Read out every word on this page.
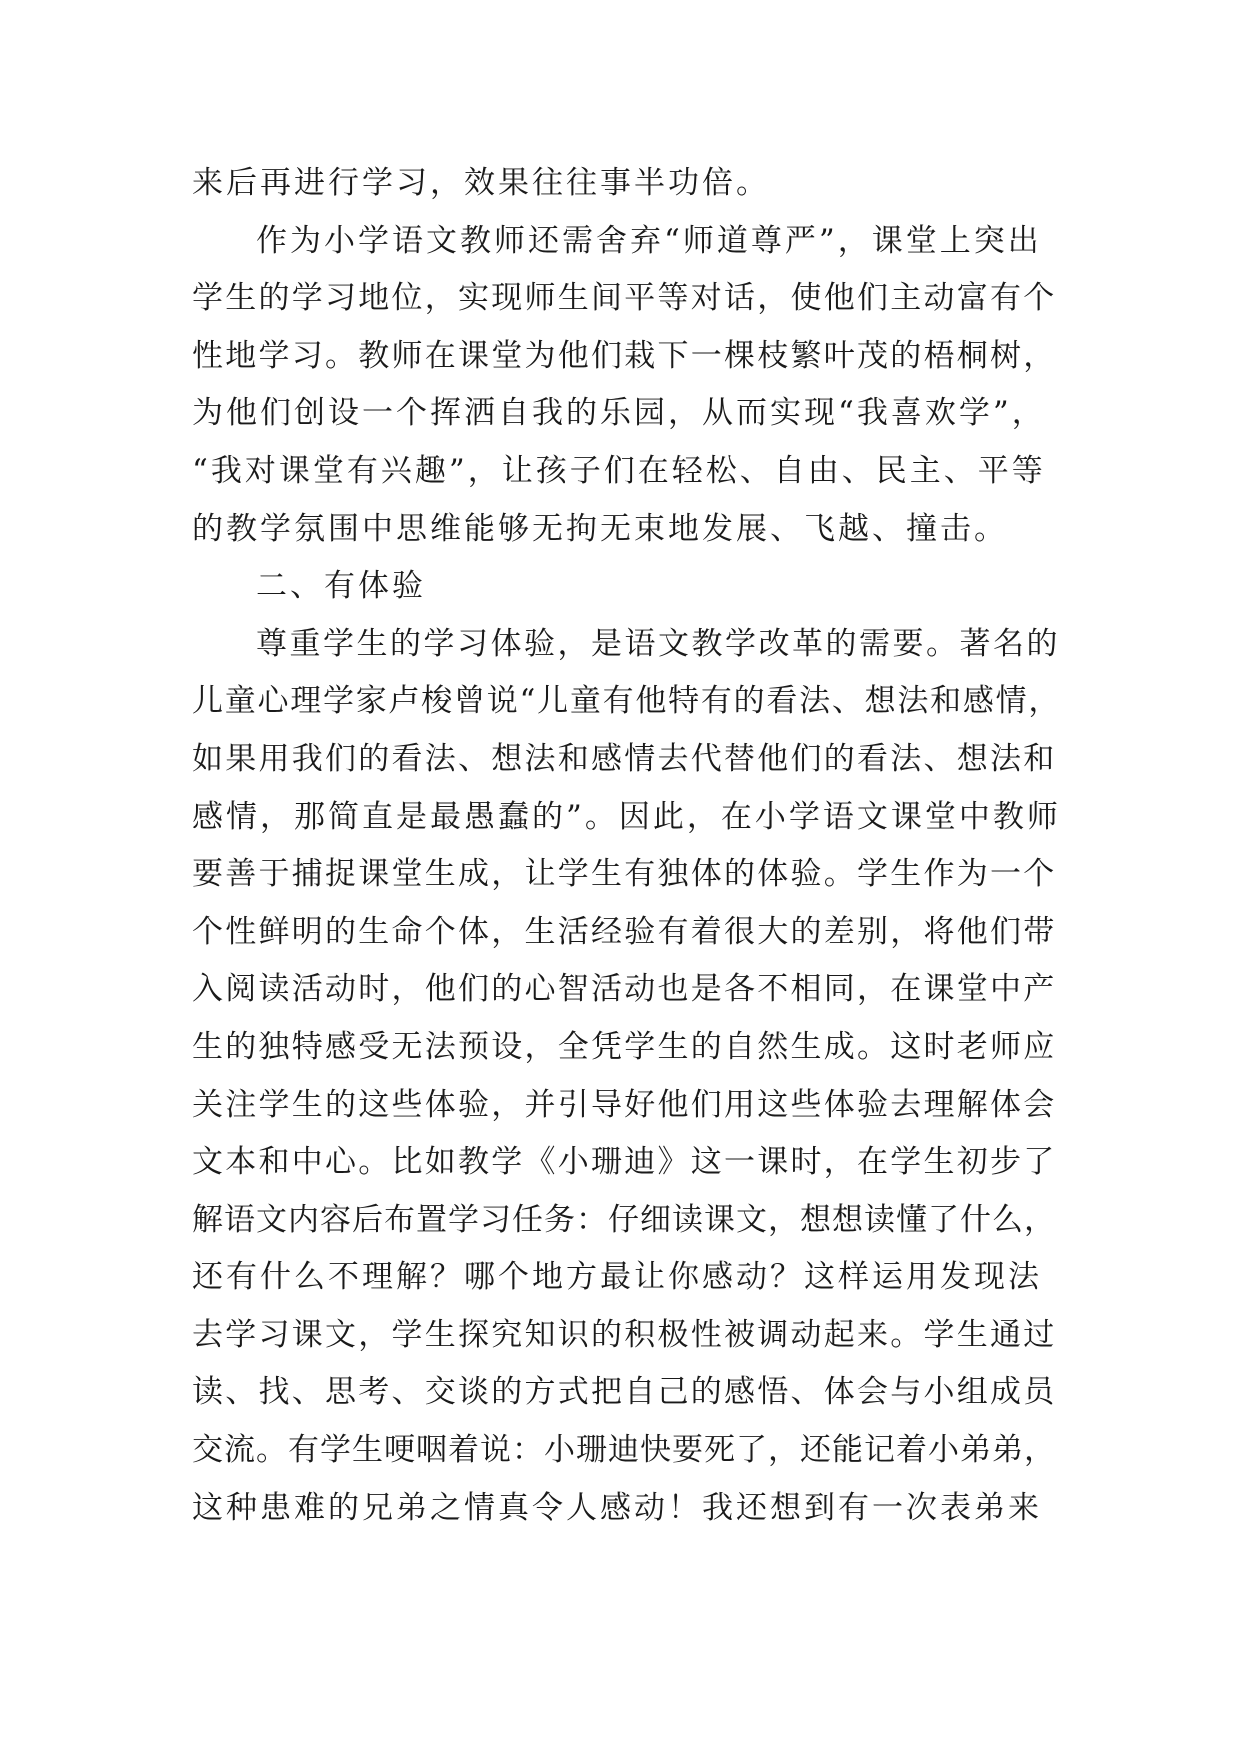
来后再进行学习，效果往往事半功倍。
作为小学语文教师还需舍弃“师道尊严”，课堂上突出
学生的学习地位，实现师生间平等对话，使他们主动富有个
性地学习。教师在课堂为他们栽下一棵枝繁叶茂的梧桐树，
为他们创设一个挥洒自我的乐园，从而实现“我喜欢学”，
“我对课堂有兴趣”，让孩子们在轻松、自由、民主、平等
的教学氛围中思维能够无拘无束地发展、飞越、撞击。
二、有体验
尊重学生的学习体验，是语文教学改革的需要。著名的
儿童心理学家卢梭曾说“儿童有他特有的看法、想法和感情，
如果用我们的看法、想法和感情去代替他们的看法、想法和
感情，那简直是最愚蠢的”。因此，在小学语文课堂中教师
要善于捕捉课堂生成，让学生有独体的体验。学生作为一个
个性鲜明的生命个体，生活经验有着很大的差别，将他们带
入阅读活动时，他们的心智活动也是各不相同，在课堂中产
生的独特感受无法预设，全凭学生的自然生成。这时老师应
关注学生的这些体验，并引导好他们用这些体验去理解体会
文本和中心。比如教学《小珊迪》这一课时，在学生初步了
解语文内容后布置学习任务：仔细读课文，想想读懂了什么，
还有什么不理解？哪个地方最让你感动？这样运用发现法
去学习课文，学生探究知识的积极性被调动起来。学生通过
读、找、思考、交谈的方式把自己的感悟、体会与小组成员
交流。有学生哽咽着说：小珊迪快要死了，还能记着小弟弟，
这种患难的兄弟之情真令人感动！我还想到有一次表弟来
